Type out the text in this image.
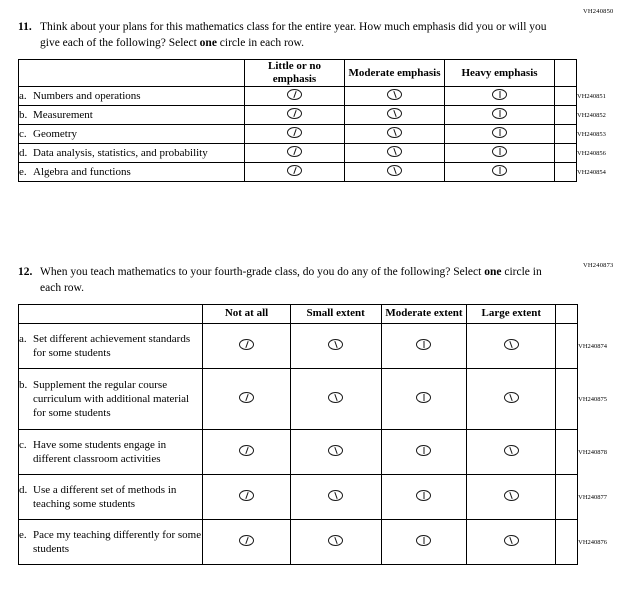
VH240850
11. Think about your plans for this mathematics class for the entire year. How much emphasis did you or will you give each of the following? Select one circle in each row.
	Little or no emphasis	Moderate emphasis	Heavy emphasis		

a. Numbers and operations					VH240851

b. Measurement					VH240852

c. Geometry					VH240853

d. Data analysis, statistics, and probability					VH240856

e. Algebra and functions					VH240854
VH240873
12. When you teach mathematics to your fourth-grade class, do you do any of the following? Select one circle in each row.
	Not at all	Small extent	Moderate extent	Large extent		

a. Set different achievement standards for some students						VH240874

b. Supplement the regular course curriculum with additional material for some students						VH240875

c. Have some students engage in different classroom activities						VH240878

d. Use a different set of methods in teaching some students						VH240877

e. Pace my teaching differently for some students						VH240876
